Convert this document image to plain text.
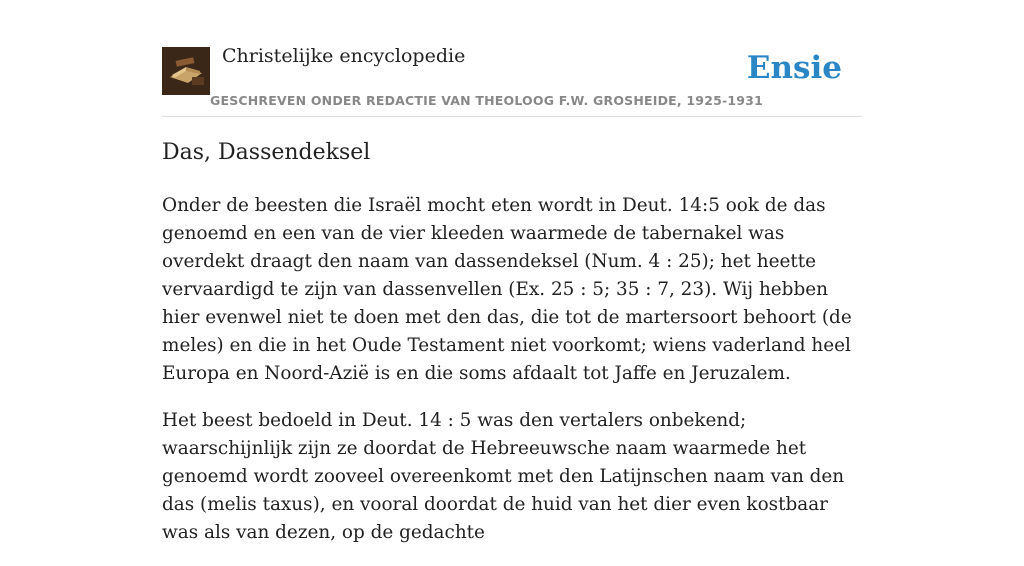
Christelijke encyclopedie
GESCHREVEN ONDER REDACTIE VAN THEOLOOG F.W. GROSHEIDE, 1925-1931
Ensie
Das, Dassendeksel

Onder de beesten die Israël mocht eten wordt in Deut. 14:5 ook de das genoemd en een van de vier kleeden waarmede de tabernakel was overdekt draagt den naam van dassendeksel (Num. 4 : 25); het heette vervaardigd te zijn van dassenvellen (Ex. 25 : 5; 35 : 7, 23). Wij hebben hier evenwel niet te doen met den das, die tot de martersoort behoort (de meles) en die in het Oude Testament niet voorkomt; wiens vaderland heel Europa en Noord-Azië is en die soms afdaalt tot Jaffe en Jeruzalem.

Het beest bedoeld in Deut. 14 : 5 was den vertalers onbekend; waarschijnlijk zijn ze doordat de Hebreeuwsche naam waarmede het genoemd wordt zooveel overeenkomt met den Latijnschen naam van den das (melis taxus), en vooral doordat de huid van het dier even kostbaar was als van dezen, op de gedachte
